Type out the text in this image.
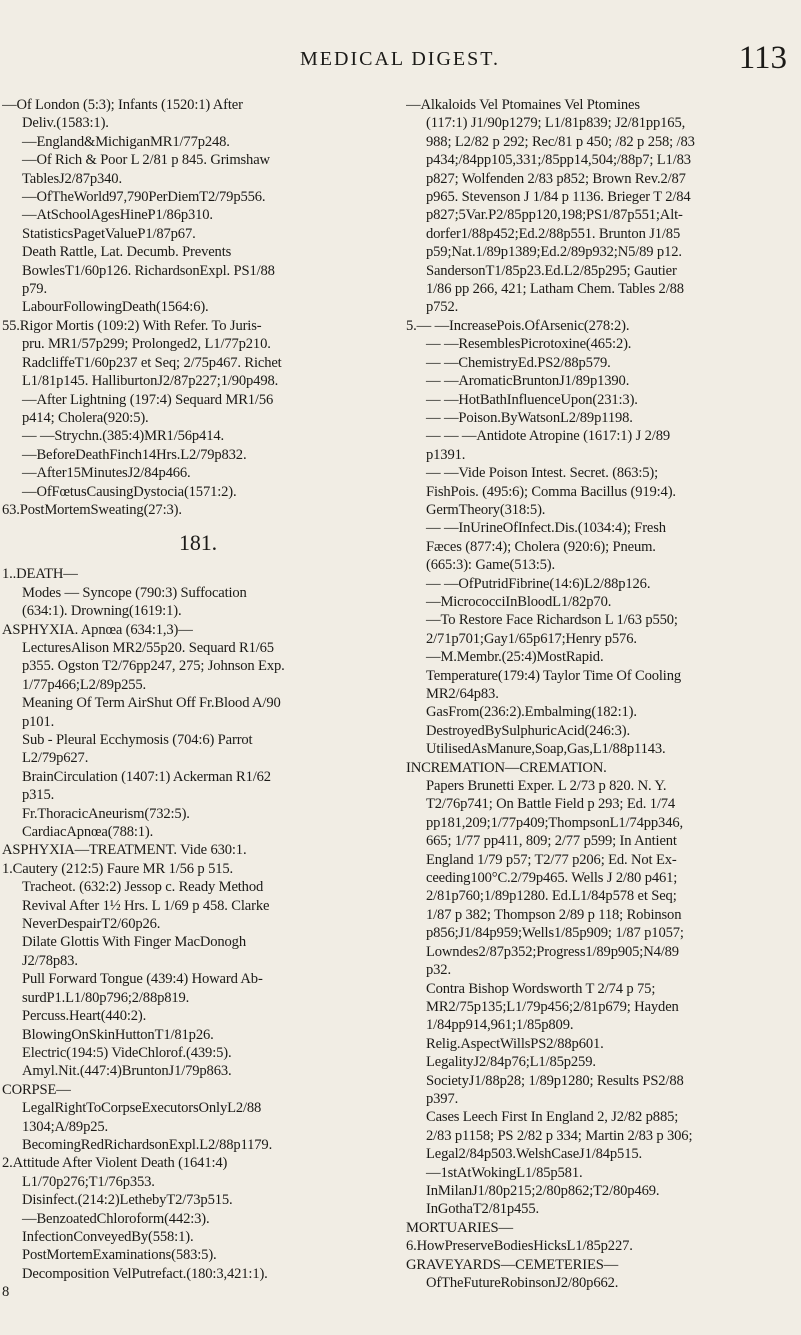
MEDICAL DIGEST.	113
—Of London (5:3); Infants (1520:1) After
Deliv.(1583:1).
—England&MichiganMR1/77p248.
—Of Rich & Poor L 2/81 p 845. Grimshaw
TablesJ2/87p340.
—OfTheWorld97,790PerDiemT2/79p556.
—AtSchoolAgesHineP1/86p310.
StatisticsPagetValueP1/87p67.
Death Rattle, Lat. Decumb. Prevents
BowlesT1/60p126. RichardsonExpl. PS1/88
p79.
LabourFollowingDeath(1564:6).
55.Rigor Mortis (109:2) With Refer. To Juris-
pru. MR1/57p299; Prolonged2, L1/77p210.
RadcliffeT1/60p237 et Seq; 2/75p467. Richet
L1/81p145. HalliburtonJ2/87p227;1/90p498.
—After Lightning (197:4) Sequard MR1/56
p414; Cholera(920:5).
— —Strychn.(385:4)MR1/56p414.
—BeforeDeathFinch14Hrs.L2/79p832.
—After15MinutesJ2/84p466.
—OfFœtusCausingDystocia(1571:2).
63.PostMortemSweating(27:3).
181.
1..DEATH—
Modes — Syncope (790:3) Suffocation
(634:1). Drowning(1619:1).
ASPHYXIA. Apnœa (634:1,3)—
LecturesAlison MR2/55p20. Sequard R1/65
p355. Ogston T2/76pp247, 275; Johnson Exp.
1/77p466;L2/89p255.
Meaning Of Term AirShut Off Fr.Blood A/90
p101.
Sub - Pleural Ecchymosis (704:6) Parrot
L2/79p627.
BrainCirculation (1407:1) Ackerman R1/62
p315.
Fr.ThoracicAneurism(732:5).
CardiacApnœa(788:1).
ASPHYXIA—TREATMENT. Vide 630:1.
1.Cautery (212:5) Faure MR 1/56 p 515.
Tracheot. (632:2) Jessop c. Ready Method
Revival After 1½ Hrs. L 1/69 p 458. Clarke
NeverDespairT2/60p26.
Dilate Glottis With Finger MacDonogh
J2/78p83.
Pull Forward Tongue (439:4) Howard Ab-
surdP1.L1/80p796;2/88p819.
Percuss.Heart(440:2).
BlowingOnSkinHuttonT1/81p26.
Electric(194:5) VideChlorof.(439:5).
Amyl.Nit.(447:4)BruntonJ1/79p863.
CORPSE—
LegalRightToCorpseExecutorsOnlyL2/88
1304;A/89p25.
BecomingRedRichardsonExpl.L2/88p1179.
2.Attitude After Violent Death (1641:4)
L1/70p276;T1/76p353.
Disinfect.(214:2)LethebyT2/73p515.
—BenzoatedChloroform(442:3).
InfectionConveyedBy(558:1).
PostMortemExaminations(583:5).
Decomposition VelPutrefact.(180:3,421:1).
8
—Alkaloids Vel Ptomaines Vel Ptomines
(117:1) J1/90p1279; L1/81p839; J2/81pp165,
988; L2/82 p 292; Rec/81 p 450; /82 p 258; /83
p434;/84pp105,331;/85pp14,504;/88p7; L1/83
p827; Wolfenden 2/83 p852; Brown Rev.2/87
p965. Stevenson J 1/84 p 1136. Brieger T 2/84
p827;5Var.P2/85pp120,198;PS1/87p551;Alt-
dorfer1/88p452;Ed.2/88p551. Brunton J1/85
p59;Nat.1/89p1389;Ed.2/89p932;N5/89 p12.
SandersonT1/85p23.Ed.L2/85p295; Gautier
1/86 pp 266, 421; Latham Chem. Tables 2/88
p752.
5.— —IncreasePois.OfArsenic(278:2).
— —ResemblesPicrotoxine(465:2).
— —ChemistryEd.PS2/88p579.
— —AromaticBruntonJ1/89p1390.
— —HotBathInfluenceUpon(231:3).
— —Poison.ByWatsonL2/89p1198.
— — —Antidote Atropine (1617:1) J 2/89
p1391.
— —Vide Poison Intest. Secret. (863:5);
FishPois. (495:6); Comma Bacillus (919:4).
GermTheory(318:5).
— —InUrineOfInfect.Dis.(1034:4); Fresh
Fæces (877:4); Cholera (920:6); Pneum.
(665:3): Game(513:5).
— —OfPutridFibrine(14:6)L2/88p126.
—MicrococciInBloodL1/82p70.
—To Restore Face Richardson L 1/63 p550;
2/71p701;Gay1/65p617;Henry p576.
—M.Membr.(25:4)MostRapid.
Temperature(179:4) Taylor Time Of Cooling
MR2/64p83.
GasFrom(236:2).Embalming(182:1).
DestroyedBySulphuricAcid(246:3).
UtilisedAsManure,Soap,Gas,L1/88p1143.
INCREMATION—CREMATION.
Papers Brunetti Exper. L 2/73 p 820. N. Y.
T2/76p741; On Battle Field p 293; Ed. 1/74
pp181,209;1/77p409;ThompsonL1/74pp346,
665; 1/77 pp411, 809; 2/77 p599; In Antient
England 1/79 p57; T2/77 p206; Ed. Not Ex-
ceeding100°C.2/79p465. Wells J 2/80 p461;
2/81p760;1/89p1280. Ed.L1/84p578 et Seq;
1/87 p 382; Thompson 2/89 p 118; Robinson
p856;J1/84p959;Wells1/85p909; 1/87 p1057;
Lowndes2/87p352;Progress1/89p905;N4/89
p32.
Contra Bishop Wordsworth T 2/74 p 75;
MR2/75p135;L1/79p456;2/81p679; Hayden
1/84pp914,961;1/85p809.
Relig.AspectWillsPS2/88p601.
LegalityJ2/84p76;L1/85p259.
SocietyJ1/88p28; 1/89p1280; Results PS2/88
p397.
Cases Leech First In England 2, J2/82 p885;
2/83 p1158; PS 2/82 p 334; Martin 2/83 p 306;
Legal2/84p503.WelshCaseJ1/84p515.
—1stAtWokingL1/85p581.
InMilanJ1/80p215;2/80p862;T2/80p469.
InGothaT2/81p455.
MORTUARIES—
6.HowPreserveBodiesHicksL1/85p227.
GRAVEYARDS—CEMETERIES—
OfTheFutureRobinsonJ2/80p662.
